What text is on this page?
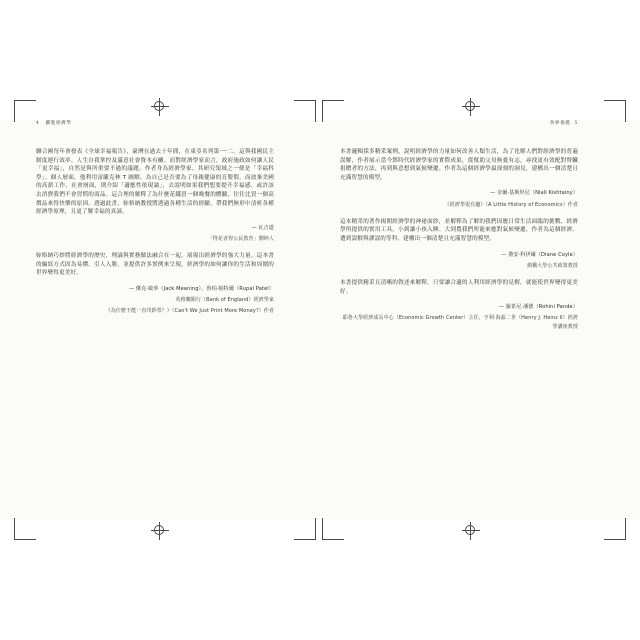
4 躍進經濟學	各界推薦 5

聯合國每年會發表《全球幸福報告》，臺灣在過去十年間，在東亞名列第一־二。這與我國民主制度運行效率、人生自我掌控及滿意社會資本有關。而對經濟學家而言，政府施政如何讓人民「更幸福」，自然是與所重要不過的議題。作者身為經濟學家、其研究領域之一便是「幸福科學」。個人層面，他利用富蘭克林 T 圖解，為自己是否要為了母親健康的育嬰假，而放棄美國的高薪工作、社會層面，則介紹「適應性依現論」，去說明如果我們想要提升幸福感、或許該去消費我們不會習慣的商品。這合理的解釋了為什麼花錢買一個晚餐的體驗、往往比買一個高價品來得快樂的原因。透過此書，妳格納教授將透過各種生活的經驗，帶我們無形中清析各種經濟學原理，且更了解幸福的真諦。

— 瓦吉道

「得花者得公民教育」劉坤人

妳格納巧妙將經濟學的歷史、理論與實務做法融合在一起，展現出經濟學的強大力量。這本書的編寫方式固為易懂、引人入勝，並提供許多實例來呈現，經濟學的如何讓你的生活和周圍的世界變得更美好。

— 傑克·敏寧（Jack Meaning）、魯柏·帕特爾（Rupal Patel）

英格蘭銀行（Bank of England）經濟學家

《為什麼不能一直印鈔票？》（Can't We Just Print More Money?）作者

本書邏輯採多精采案例，說明經濟學的力量如何改善人類生活，為了化解人們對經濟學的普遍誤解，作者展示當今鄧時代經濟學家的實際成果，從幫助父母無憂有志，尋找更有效配對腎臟捐贈者的方法，再到與意想到氣候變遷、作者為這個經濟學最深刻的洞見，建構出一個清楚且充滿智慧的模型。

— 奈爾·基斯坦尼（Niall Kishtainy）

《經濟學很有趣》（A Little History of Economics）作者

這本精采的著作揭開經濟學的神祕面紗，並解釋為了解的我們因應日常生活面臨的挑戰、經濟學所提供的實用工具。小到讓小孩入睡、大到農我們所能來應對氣候變遷、作者為這個經濟、遭到誤解與謬誤的等科、建構出一個清楚且充滿智慧的模型。

— 黛安·科伊爾（Diane Coyle）

劍橋大學公共政策教授

本書提供精采且清晰的敘述來解釋，只要讓合適的人利用經濟學的見解，就能使世界變得更美好。

— 羅希尼·潘德（Rohini Pande）

耶魯大學經濟成長中心（Economic Growth Center）主任、亨利·海茲二世（Henry J. Heinz II）經濟學講座教授
